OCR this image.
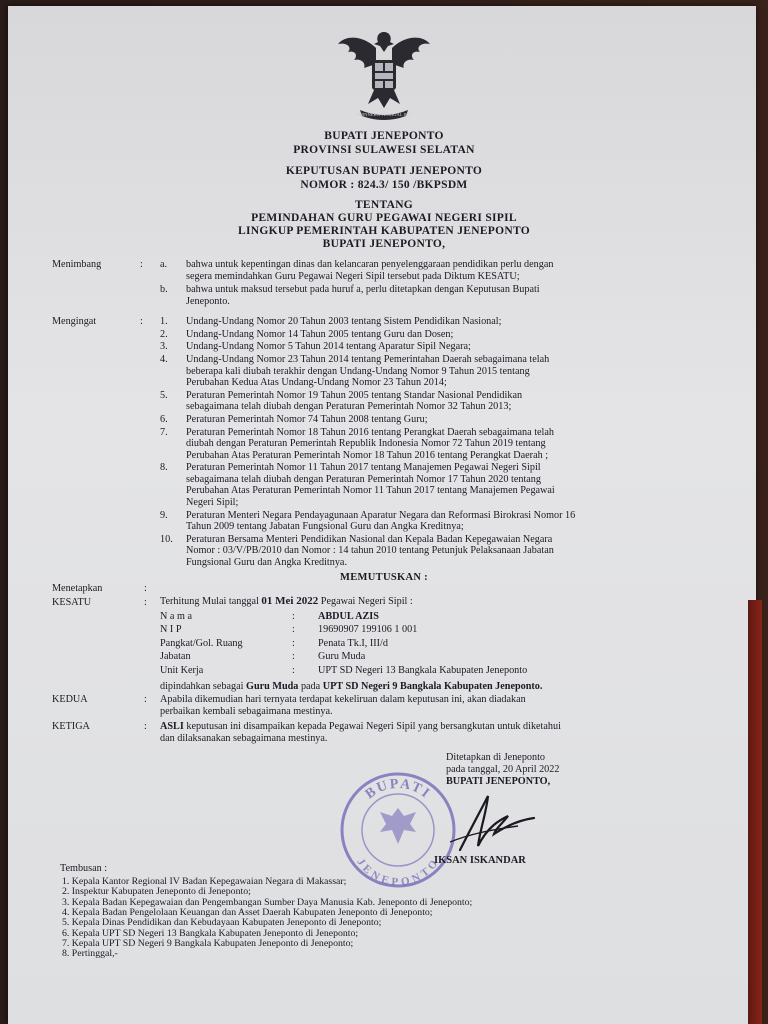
BHINNEKA TUNGGAL IKA
BUPATI JENEPONTO
PROVINSI SULAWESI SELATAN
KEPUTUSAN BUPATI JENEPONTO
NOMOR : 824.3/ 150 /BKPSDM
TENTANG
PEMINDAHAN GURU PEGAWAI NEGERI SIPIL
LINGKUP PEMERINTAH KABUPATEN JENEPONTO
BUPATI JENEPONTO,
Menimbang	: a. bahwa untuk kepentingan dinas dan kelancaran penyelenggaraan pendidikan perlu dengan
segera memindahkan Guru Pegawai Negeri Sipil tersebut pada Diktum KESATU;
b. bahwa untuk maksud tersebut pada huruf a, perlu ditetapkan dengan Keputusan Bupati
Jeneponto.
Mengingat	: 1. Undang-Undang Nomor 20 Tahun 2003 tentang Sistem Pendidikan Nasional;
2. Undang-Undang Nomor 14 Tahun 2005 tentang Guru dan Dosen;
3. Undang-Undang Nomor 5 Tahun 2014 tentang Aparatur Sipil Negara;
4. Undang-Undang Nomor 23 Tahun 2014 tentang Pemerintahan Daerah sebagaimana telah
beberapa kali diubah terakhir dengan Undang-Undang Nomor 9 Tahun 2015 tentang
Perubahan Kedua Atas Undang-Undang Nomor 23 Tahun 2014;
5. Peraturan Pemerintah Nomor 19 Tahun 2005 tentang Standar Nasional Pendidikan
sebagaimana telah diubah dengan Peraturan Pemerintah Nomor 32 Tahun 2013;
6. Peraturan Pemerintah Nomor 74 Tahun 2008 tentang Guru;
7. Peraturan Pemerintah Nomor 18 Tahun 2016 tentang Perangkat Daerah sebagaimana telah
diubah dengan Peraturan Pemerintah Republik Indonesia Nomor 72 Tahun 2019 tentang
Perubahan Atas Peraturan Pemerintah Nomor 18 Tahun 2016 tentang Perangkat Daerah ;
8. Peraturan Pemerintah Nomor 11 Tahun 2017 tentang Manajemen Pegawai Negeri Sipil
sebagaimana telah diubah dengan Peraturan Pemerintah Nomor 17 Tahun 2020 tentang
Perubahan Atas Peraturan Pemerintah Nomor 11 Tahun 2017 tentang Manajemen Pegawai
Negeri Sipil;
9. Peraturan Menteri Negara Pendayagunaan Aparatur Negara dan Reformasi Birokrasi Nomor 16
Tahun 2009 tentang Jabatan Fungsional Guru dan Angka Kreditnya;
10. Peraturan Bersama Menteri Pendidikan Nasional dan Kepala Badan Kepegawaian Negara
Nomor : 03/V/PB/2010 dan Nomor : 14 tahun 2010 tentang Petunjuk Pelaksanaan Jabatan
Fungsional Guru dan Angka Kreditnya.
MEMUTUSKAN :
Menetapkan	:
KESATU	: Terhitung Mulai tanggal 01 Mei 2022 Pegawai Negeri Sipil :
N a m a	: ABDUL AZIS
N I P	: 19690907 199106 1 001
Pangkat/Gol. Ruang	: Penata Tk.I, III/d
Jabatan	: Guru Muda
Unit Kerja	: UPT SD Negeri 13 Bangkala Kabupaten Jeneponto
dipindahkan sebagai Guru Muda pada UPT SD Negeri 9 Bangkala Kabupaten Jeneponto.
KEDUA	: Apabila dikemudian hari ternyata terdapat kekeliruan dalam keputusan ini, akan diadakan
perbaikan kembali sebagaimana mestinya.
KETIGA	: ASLI keputusan ini disampaikan kepada Pegawai Negeri Sipil yang bersangkutan untuk diketahui
dan dilaksanakan sebagaimana mestinya.
Ditetapkan di Jeneponto
pada tanggal, 20 April 2022
BUPATI JENEPONTO,
BUPATI
JENEPONTO
IKSAN ISKANDAR
Tembusan :
1. Kepala Kantor Regional IV Badan Kepegawaian Negara di Makassar;
2. Inspektur Kabupaten Jeneponto di Jeneponto;
3. Kepala Badan Kepegawaian dan Pengembangan Sumber Daya Manusia Kab. Jeneponto di Jeneponto;
4. Kepala Badan Pengelolaan Keuangan dan Asset Daerah Kabupaten Jeneponto di Jeneponto;
5. Kepala Dinas Pendidikan dan Kebudayaan Kabupaten Jeneponto di Jeneponto;
6. Kepala UPT SD Negeri 13 Bangkala Kabupaten Jeneponto di Jeneponto;
7. Kepala UPT SD Negeri 9 Bangkala Kabupaten Jeneponto di Jeneponto;
8. Pertinggal,-
